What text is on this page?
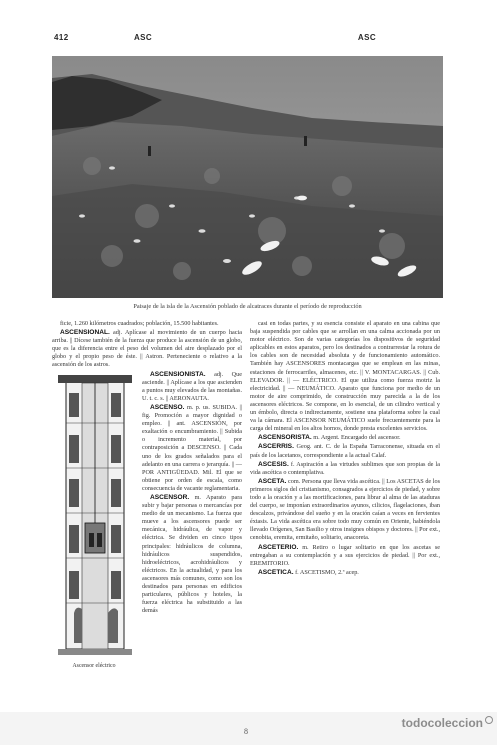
412	ASC	ASC
Paisaje de la isla de la Ascensión poblado de alcatraces durante el período de reproducción

ficie, 1.260 kilómetros cuadrados; población, 15.500 habitantes.

ASCENSIONAL. adj. Aplícase al movimiento de un cuerpo hacia arriba. || Dícese también de la fuerza que produce la ascensión de un globo, que es la diferencia entre el peso del volumen del aire desplazado por el globo y el propio peso de éste. || Astron. Perteneciente o relativo a la ascensión de los astros.

Ascensor eléctrico

ASCENSIONISTA. adj. Que asciende. || Aplícase a los que ascienden a puntos muy elevados de las montañas. U. t. c. s. || AERONAUTA.

ASCENSO. m. p. us. SUBIDA. || fig. Promoción a mayor dignidad o empleo. || ant. ASCENSIÓN, por exaltación o encumbramiento. || Subida o incremento material, por contraposición a DESCENSO. || Cada uno de los grados señalados para el adelanto en una carrera o jerarquía. || — POR ANTIGÜEDAD. Mil. El que se obtiene por orden de escala, como consecuencia de vacante reglamentaria.

ASCENSOR. m. Aparato para subir y bajar personas o mercancías por medio de un mecanismo. La fuerza que mueve a los ascensores puede ser mecánica, hidráulica, de vapor y eléctrica. Se dividen en cinco tipos principales: hidráulicos de columna, hidráulicos suspendidos, hidroeléctricos, acrohidráulicos y eléctricos. En la actualidad, y para los ascensores más comunes, como son los destinados para personas en edificios particulares, públicos y hoteles, la fuerza eléctrica ha substituido a las demás

casi en todas partes, y su esencia consiste el aparato en una cabina que baja suspendida por cables que se arrollan en una calma accionada por un motor eléctrico. Son de varias categorías los dispositivos de seguridad aplicables en estos aparatos, pero los destinados a contrarrestar la rotura de los cables son de necesidad absoluta y de funcionamiento automático. También hay ASCENSORES montacargas que se emplean en las minas, estaciones de ferrocarriles, almacenes, etc. || V. MONTACARGAS. || Cub. ELEVADOR. || — ELÉCTRICO. El que utiliza como fuerza motriz la electricidad. || — NEUMÁTICO. Aparato que funciona por medio de un motor de aire comprimido, de construcción muy parecida a la de los ascensores eléctricos. Se compone, en lo esencial, de un cilindro vertical y un émbolo, directa o indirectamente, sostiene una plataforma sobre la cual va la cámara. El ASCENSOR NEUMÁTICO suele frecuentemente para la carga del mineral en los altos hornos, donde presta excelentes servicios.

ASCENSORISTA. m. Argent. Encargado del ascensor.

ASCERRIS. Geog. ant. C. de la España Tarraconense, situada en el país de los lacetanos, correspondiente a la actual Calaf.

ASCESIS. f. Aspiración a las virtudes sublimes que son propias de la vida ascética o contemplativa.

ASCETA. com. Persona que lleva vida ascética. || Los ASCETAS de los primeros siglos del cristianismo, consagrados a ejercicios de piedad, y sobre todo a la oración y a las mortificaciones, para librar al alma de las ataduras del cuerpo, se imponían extraordinarios ayunos, cilicios, flagelaciones, iban descalzos, privándose del sueño y en la oración caían a veces en fervientes éxtasis. La vida ascética era sobre todo muy común en Oriente, habiéndola llevado Orígenes, San Basilio y otros insignes obispos y doctores. || Por ext., cenobita, eremita, ermitaño, solitario, anacoreta.

ASCETERIO. m. Retiro o lugar solitario en que los ascetas se entregaban a su contemplación y a sus ejercicios de piedad. || Por ext., EREMITORIO.

ASCÉTICA. f. ASCETISMO, 2.ª acep.

todocoleccion
8
